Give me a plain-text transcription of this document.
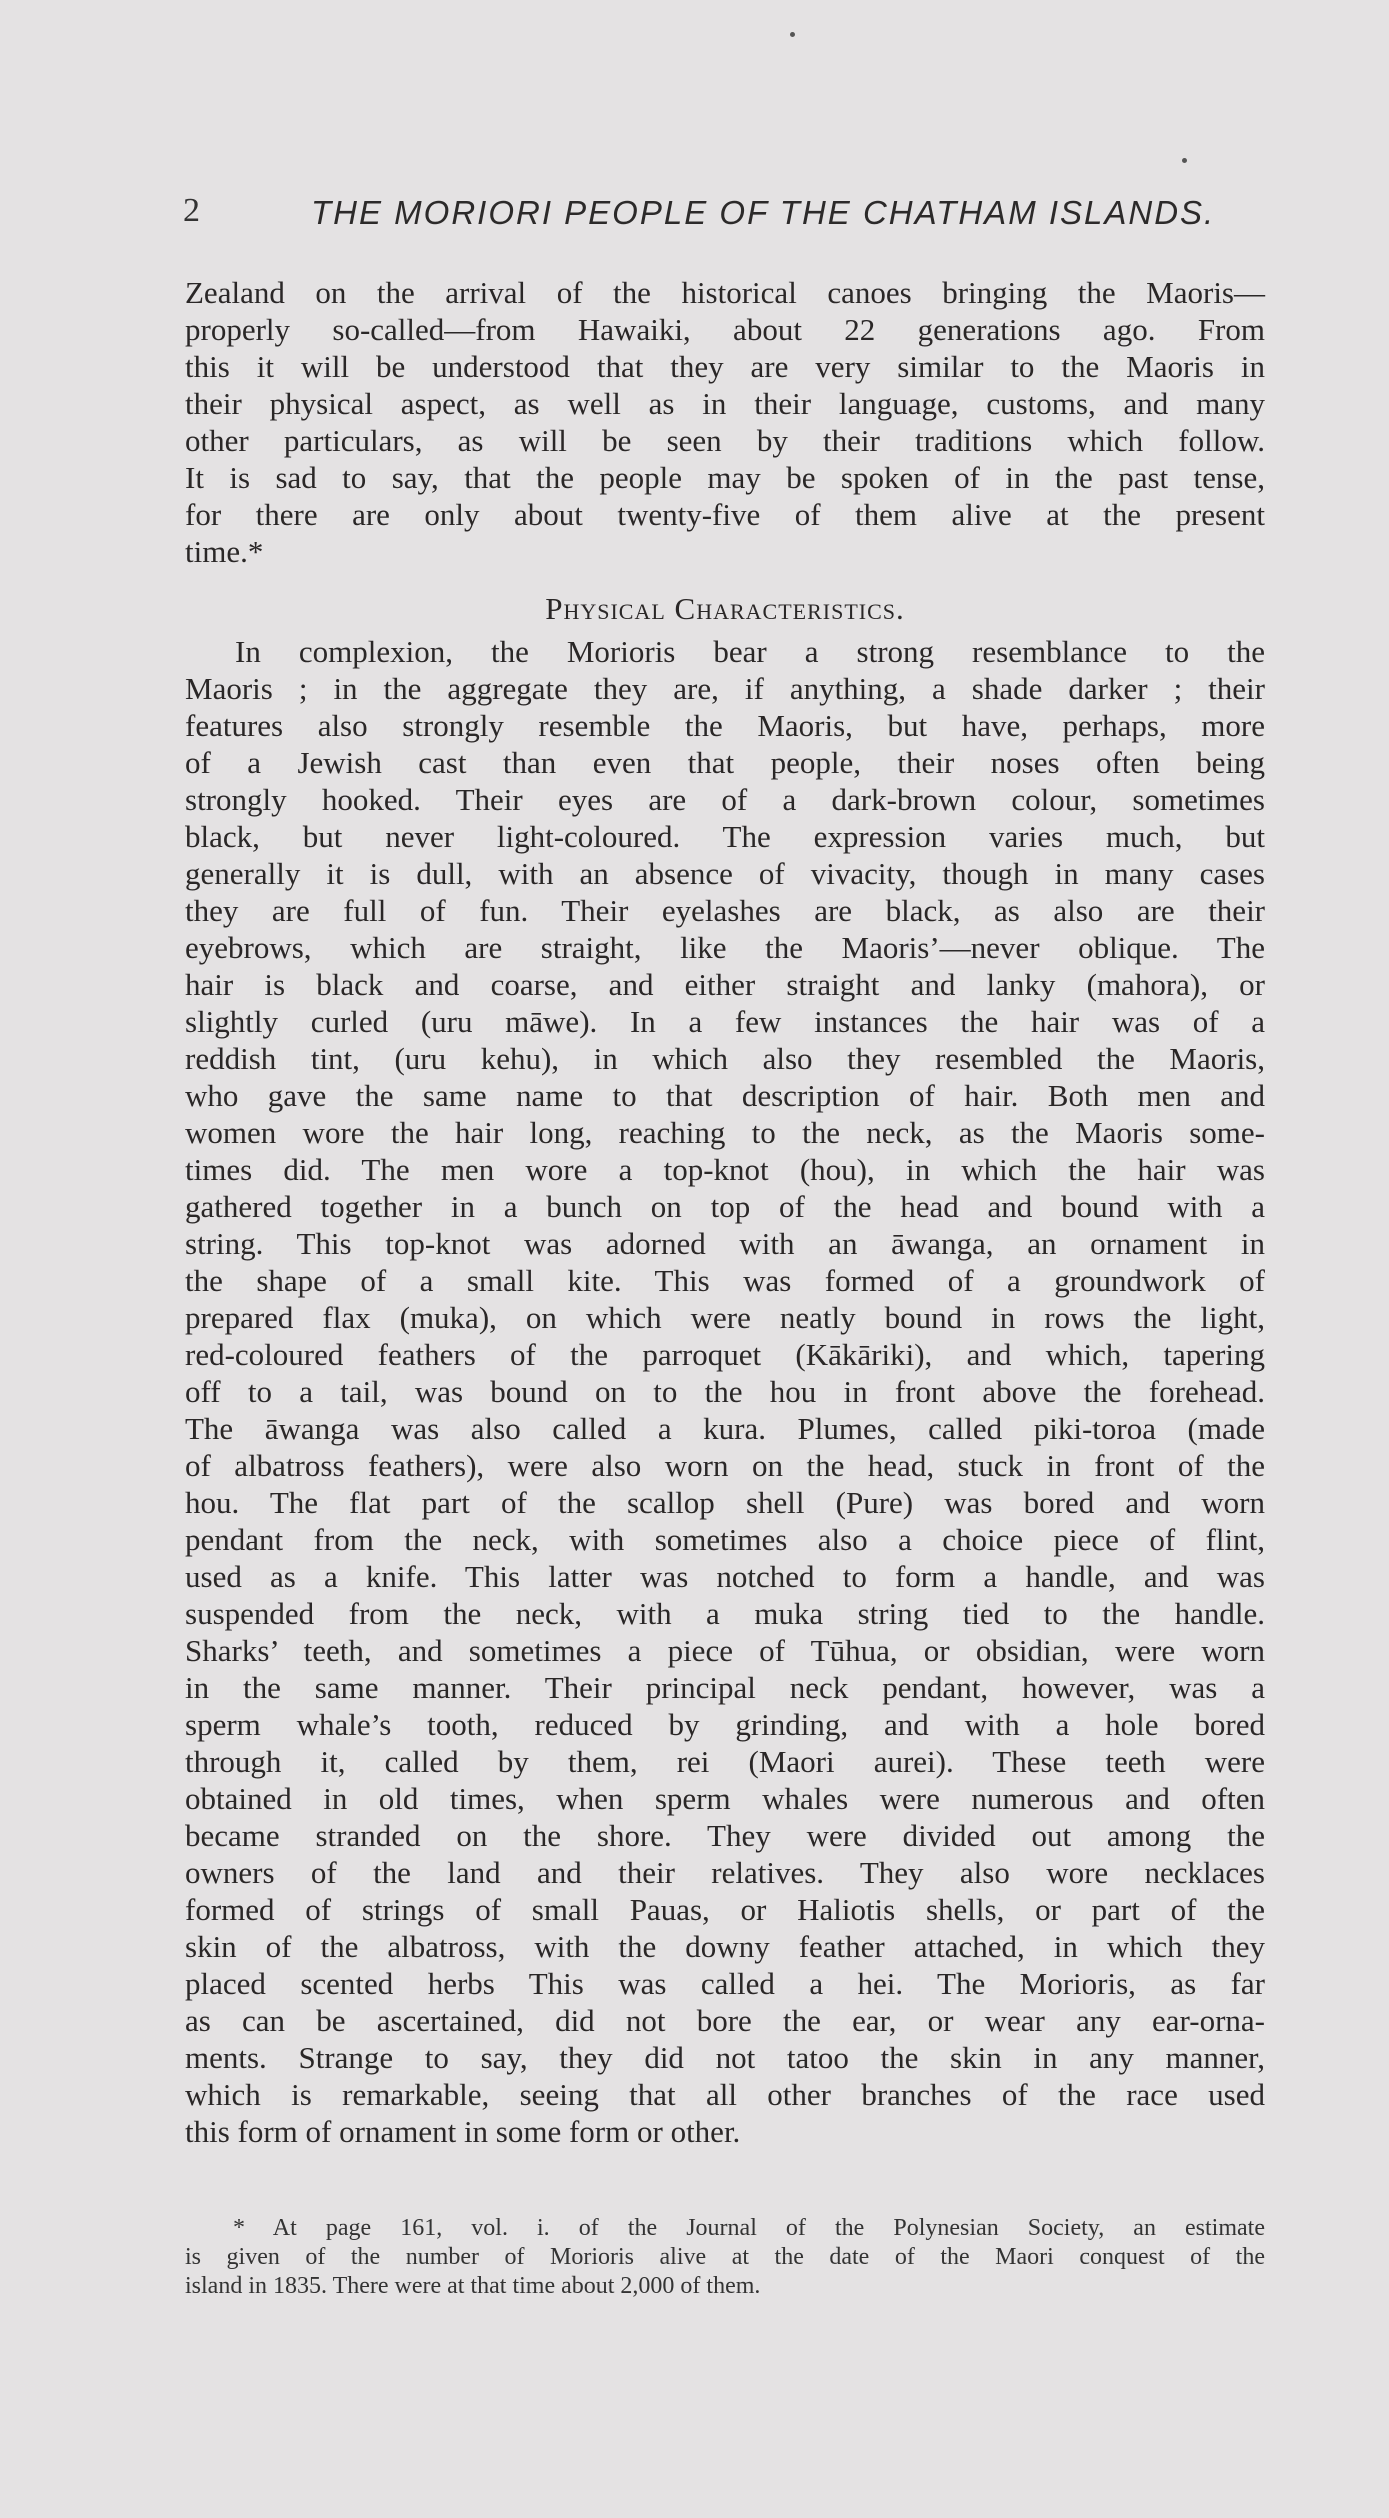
2	THE MORIORI PEOPLE OF THE CHATHAM ISLANDS.
Zealand on the arrival of the historical canoes bringing the Maoris—
properly so-called—from Hawaiki, about 22 generations ago. From
this it will be understood that they are very similar to the Maoris in
their physical aspect, as well as in their language, customs, and many
other particulars, as will be seen by their traditions which follow.
It is sad to say, that the people may be spoken of in the past tense,
for there are only about twenty-five of them alive at the present
time.*
Physical Characteristics.
In complexion, the Morioris bear a strong resemblance to the
Maoris ; in the aggregate they are, if anything, a shade darker ; their
features also strongly resemble the Maoris, but have, perhaps, more
of a Jewish cast than even that people, their noses often being
strongly hooked. Their eyes are of a dark-brown colour, sometimes
black, but never light-coloured. The expression varies much, but
generally it is dull, with an absence of vivacity, though in many cases
they are full of fun. Their eyelashes are black, as also are their
eyebrows, which are straight, like the Maoris’—never oblique. The
hair is black and coarse, and either straight and lanky (mahora), or
slightly curled (uru māwe). In a few instances the hair was of a
reddish tint, (uru kehu), in which also they resembled the Maoris,
who gave the same name to that description of hair. Both men and
women wore the hair long, reaching to the neck, as the Maoris some-
times did. The men wore a top-knot (hou), in which the hair was
gathered together in a bunch on top of the head and bound with a
string. This top-knot was adorned with an āwanga, an ornament in
the shape of a small kite. This was formed of a groundwork of
prepared flax (muka), on which were neatly bound in rows the light,
red-coloured feathers of the parroquet (Kākāriki), and which, tapering
off to a tail, was bound on to the hou in front above the forehead.
The āwanga was also called a kura. Plumes, called piki-toroa (made
of albatross feathers), were also worn on the head, stuck in front of the
hou. The flat part of the scallop shell (Pure) was bored and worn
pendant from the neck, with sometimes also a choice piece of flint,
used as a knife. This latter was notched to form a handle, and was
suspended from the neck, with a muka string tied to the handle.
Sharks’ teeth, and sometimes a piece of Tūhua, or obsidian, were worn
in the same manner. Their principal neck pendant, however, was a
sperm whale’s tooth, reduced by grinding, and with a hole bored
through it, called by them, rei (Maori aurei). These teeth were
obtained in old times, when sperm whales were numerous and often
became stranded on the shore. They were divided out among the
owners of the land and their relatives. They also wore necklaces
formed of strings of small Pauas, or Haliotis shells, or part of the
skin of the albatross, with the downy feather attached, in which they
placed scented herbs This was called a hei. The Morioris, as far
as can be ascertained, did not bore the ear, or wear any ear-orna-
ments. Strange to say, they did not tatoo the skin in any manner,
which is remarkable, seeing that all other branches of the race used
this form of ornament in some form or other.
* At page 161, vol. i. of the Journal of the Polynesian Society, an estimate
is given of the number of Morioris alive at the date of the Maori conquest of the
island in 1835. There were at that time about 2,000 of them.
